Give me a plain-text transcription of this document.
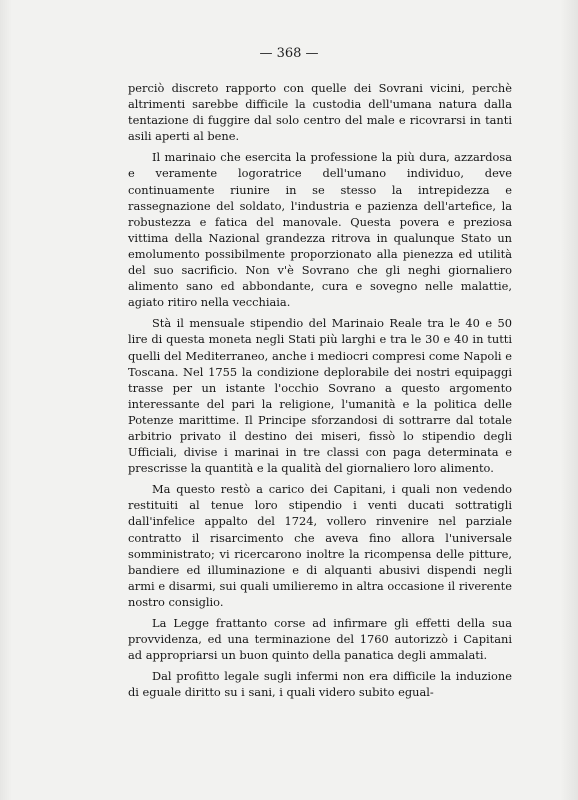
— 368 —

perciò discreto rapporto con quelle dei Sovrani vicini, perchè altrimenti sarebbe difficile la custodia dell'umana natura dalla tentazione di fuggire dal solo centro del male e ricovrarsi in tanti asili aperti al bene.

Il marinaio che esercita la professione la più dura, azzardosa e veramente logoratrice dell'umano individuo, deve continuamente riunire in se stesso la intrepidezza e rassegnazione del soldato, l'industria e pazienza dell'artefice, la robustezza e fatica del manovale. Questa povera e preziosa vittima della Nazional grandezza ritrova in qualunque Stato un emolumento possibilmente proporzionato alla pienezza ed utilità del suo sacrificio. Non v'è Sovrano che gli neghi giornaliero alimento sano ed abbondante, cura e sovegno nelle malattie, agiato ritiro nella vecchiaia.

Stà il mensuale stipendio del Marinaio Reale tra le 40 e 50 lire di questa moneta negli Stati più larghi e tra le 30 e 40 in tutti quelli del Mediterraneo, anche i mediocri compresi come Napoli e Toscana. Nel 1755 la condizione deplorabile dei nostri equipaggi trasse per un istante l'occhio Sovrano a questo argomento interessante del pari la religione, l'umanità e la politica delle Potenze marittime. Il Principe sforzandosi di sottrarre dal totale arbitrio privato il destino dei miseri, fissò lo stipendio degli Ufficiali, divise i marinai in tre classi con paga determinata e prescrisse la quantità e la qualità del giornaliero loro alimento.

Ma questo restò a carico dei Capitani, i quali non vedendo restituiti al tenue loro stipendio i venti ducati sottratigli dall'infelice appalto del 1724, vollero rinvenire nel parziale contratto il risarcimento che aveva fino allora l'universale somministrato; vi ricercarono inoltre la ricompensa delle pitture, bandiere ed illuminazione e di alquanti abusivi dispendi negli armi e disarmi, sui quali umilieremo in altra occasione il riverente nostro consiglio.

La Legge frattanto corse ad infirmare gli effetti della sua provvidenza, ed una terminazione del 1760 autorizzò i Capitani ad appropriarsi un buon quinto della panatica degli ammalati.

Dal profitto legale sugli infermi non era difficile la induzione di eguale diritto su i sani, i quali videro subito egual-
